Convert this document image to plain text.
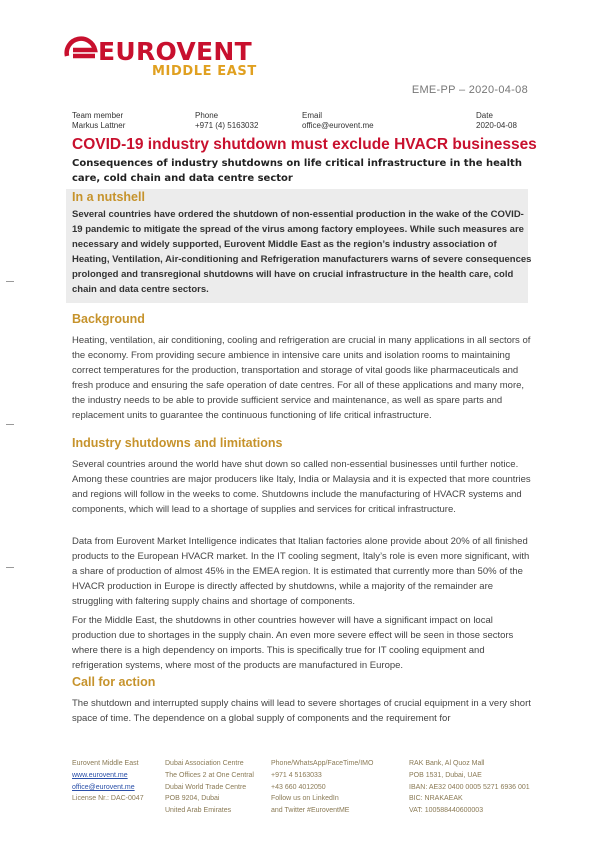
EUROVENT
MIDDLE EAST
EME-PP – 2020-04-08
Team member
Markus Lattner
Phone
+971 (4) 5163032
Email
office@eurovent.me
Date
2020-04-08
COVID-19 industry shutdown must exclude HVACR businesses
Consequences of industry shutdowns on life critical infrastructure in the health care, cold chain and data centre sector
In a nutshell
Several countries have ordered the shutdown of non-essential production in the wake of the COVID-19 pandemic to mitigate the spread of the virus among factory employees. While such measures are necessary and widely supported, Eurovent Middle East as the region’s industry association of Heating, Ventilation, Air-conditioning and Refrigeration manufacturers warns of severe consequences prolonged and transregional shutdowns will have on crucial infrastructure in the health care, cold chain and data centre sectors.
Background
Heating, ventilation, air conditioning, cooling and refrigeration are crucial in many applications in all sectors of the economy. From providing secure ambience in intensive care units and isolation rooms to maintaining correct temperatures for the production, transportation and storage of vital goods like pharmaceuticals and fresh produce and ensuring the safe operation of date centres. For all of these applications and many more, the industry needs to be able to provide sufficient service and maintenance, as well as spare parts and replacement units to guarantee the continuous functioning of life critical infrastructure.
Industry shutdowns and limitations
Several countries around the world have shut down so called non-essential businesses until further notice. Among these countries are major producers like Italy, India or Malaysia and it is expected that more countries and regions will follow in the weeks to come. Shutdowns include the manufacturing of HVACR systems and components, which will lead to a shortage of supplies and services for critical infrastructure.
Data from Eurovent Market Intelligence indicates that Italian factories alone provide about 20% of all finished products to the European HVACR market. In the IT cooling segment, Italy’s role is even more significant, with a share of production of almost 45% in the EMEA region. It is estimated that currently more than 50% of the HVACR production in Europe is directly affected by shutdowns, while a majority of the remainder are struggling with faltering supply chains and shortage of components.
For the Middle East, the shutdowns in other countries however will have a significant impact on local production due to shortages in the supply chain. An even more severe effect will be seen in those sectors where there is a high dependency on imports. This is specifically true for IT cooling equipment and refrigeration systems, where most of the products are manufactured in Europe.
Call for action
The shutdown and interrupted supply chains will lead to severe shortages of crucial equipment in a very short space of time. The dependence on a global supply of components and the requirement for
Eurovent Middle East
www.eurovent.me
office@eurovent.me
License Nr.: DAC-0047
Dubai Association Centre
The Offices 2 at One Central
Dubai World Trade Centre
POB 9204, Dubai
United Arab Emirates
Phone/WhatsApp/FaceTime/IMO
+971 4 5163033
+43 660 4012050
Follow us on LinkedIn
and Twitter #EuroventME
RAK Bank, Al Quoz Mall
POB 1531, Dubai, UAE
IBAN: AE32 0400 0005 5271 6936 001
BIC: NRAKAEAK
VAT: 100588440600003
